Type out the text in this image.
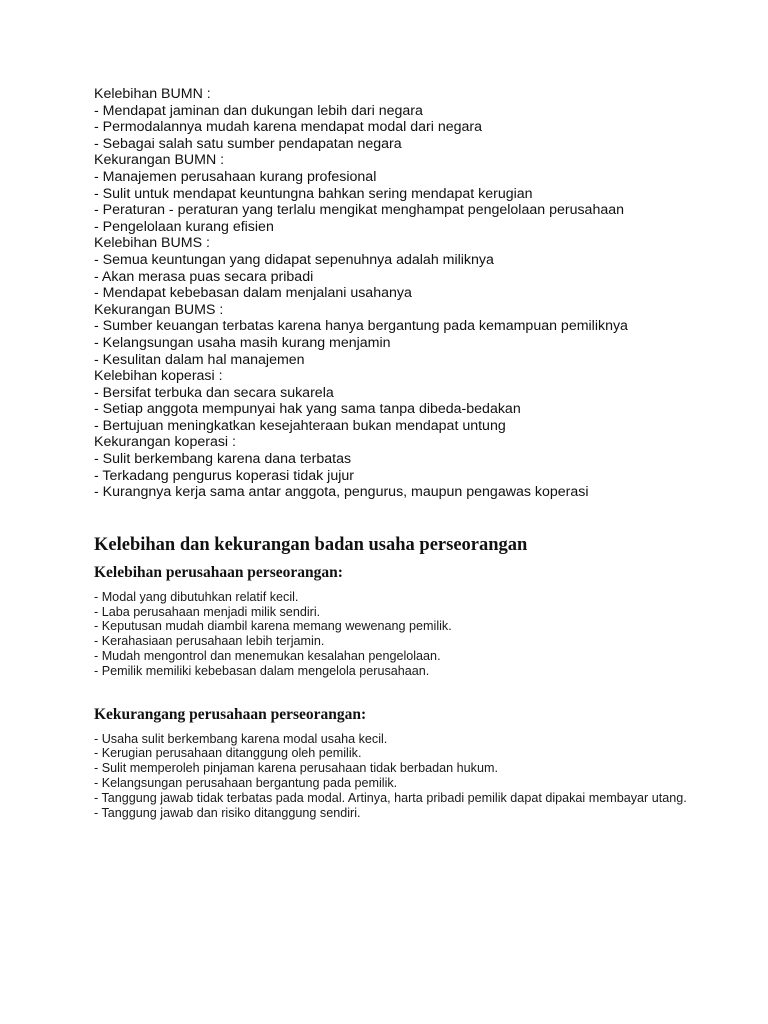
Kelebihan BUMN :
- Mendapat jaminan dan dukungan lebih dari negara
- Permodalannya mudah karena mendapat modal dari negara
- Sebagai salah satu sumber pendapatan negara
Kekurangan BUMN :
- Manajemen perusahaan kurang profesional
- Sulit untuk mendapat keuntungna bahkan sering mendapat kerugian
- Peraturan - peraturan yang terlalu mengikat menghampat pengelolaan perusahaan
- Pengelolaan kurang efisien
Kelebihan BUMS :
- Semua keuntungan yang didapat sepenuhnya adalah miliknya
- Akan merasa puas secara pribadi
- Mendapat kebebasan dalam menjalani usahanya
Kekurangan BUMS :
- Sumber keuangan terbatas karena hanya bergantung pada kemampuan pemiliknya
- Kelangsungan usaha masih kurang menjamin
- Kesulitan dalam hal manajemen
Kelebihan koperasi :
- Bersifat terbuka dan secara sukarela
- Setiap anggota mempunyai hak yang sama tanpa dibeda-bedakan
- Bertujuan meningkatkan kesejahteraan bukan mendapat untung
Kekurangan koperasi :
- Sulit berkembang karena dana terbatas
- Terkadang pengurus koperasi tidak jujur
- Kurangnya kerja sama antar anggota, pengurus, maupun pengawas koperasi
Kelebihan dan kekurangan badan usaha perseorangan
Kelebihan perusahaan perseorangan:
- Modal yang dibutuhkan relatif kecil.
- Laba perusahaan menjadi milik sendiri.
- Keputusan mudah diambil karena memang wewenang pemilik.
- Kerahasiaan perusahaan lebih terjamin.
- Mudah mengontrol dan menemukan kesalahan pengelolaan.
- Pemilik memiliki kebebasan dalam mengelola perusahaan.
Kekurangang perusahaan perseorangan:
- Usaha sulit berkembang karena modal usaha kecil.
- Kerugian perusahaan ditanggung oleh pemilik.
- Sulit memperoleh pinjaman karena perusahaan tidak berbadan hukum.
- Kelangsungan perusahaan bergantung pada pemilik.
- Tanggung jawab tidak terbatas pada modal. Artinya, harta pribadi pemilik dapat dipakai membayar utang.
- Tanggung jawab dan risiko ditanggung sendiri.
